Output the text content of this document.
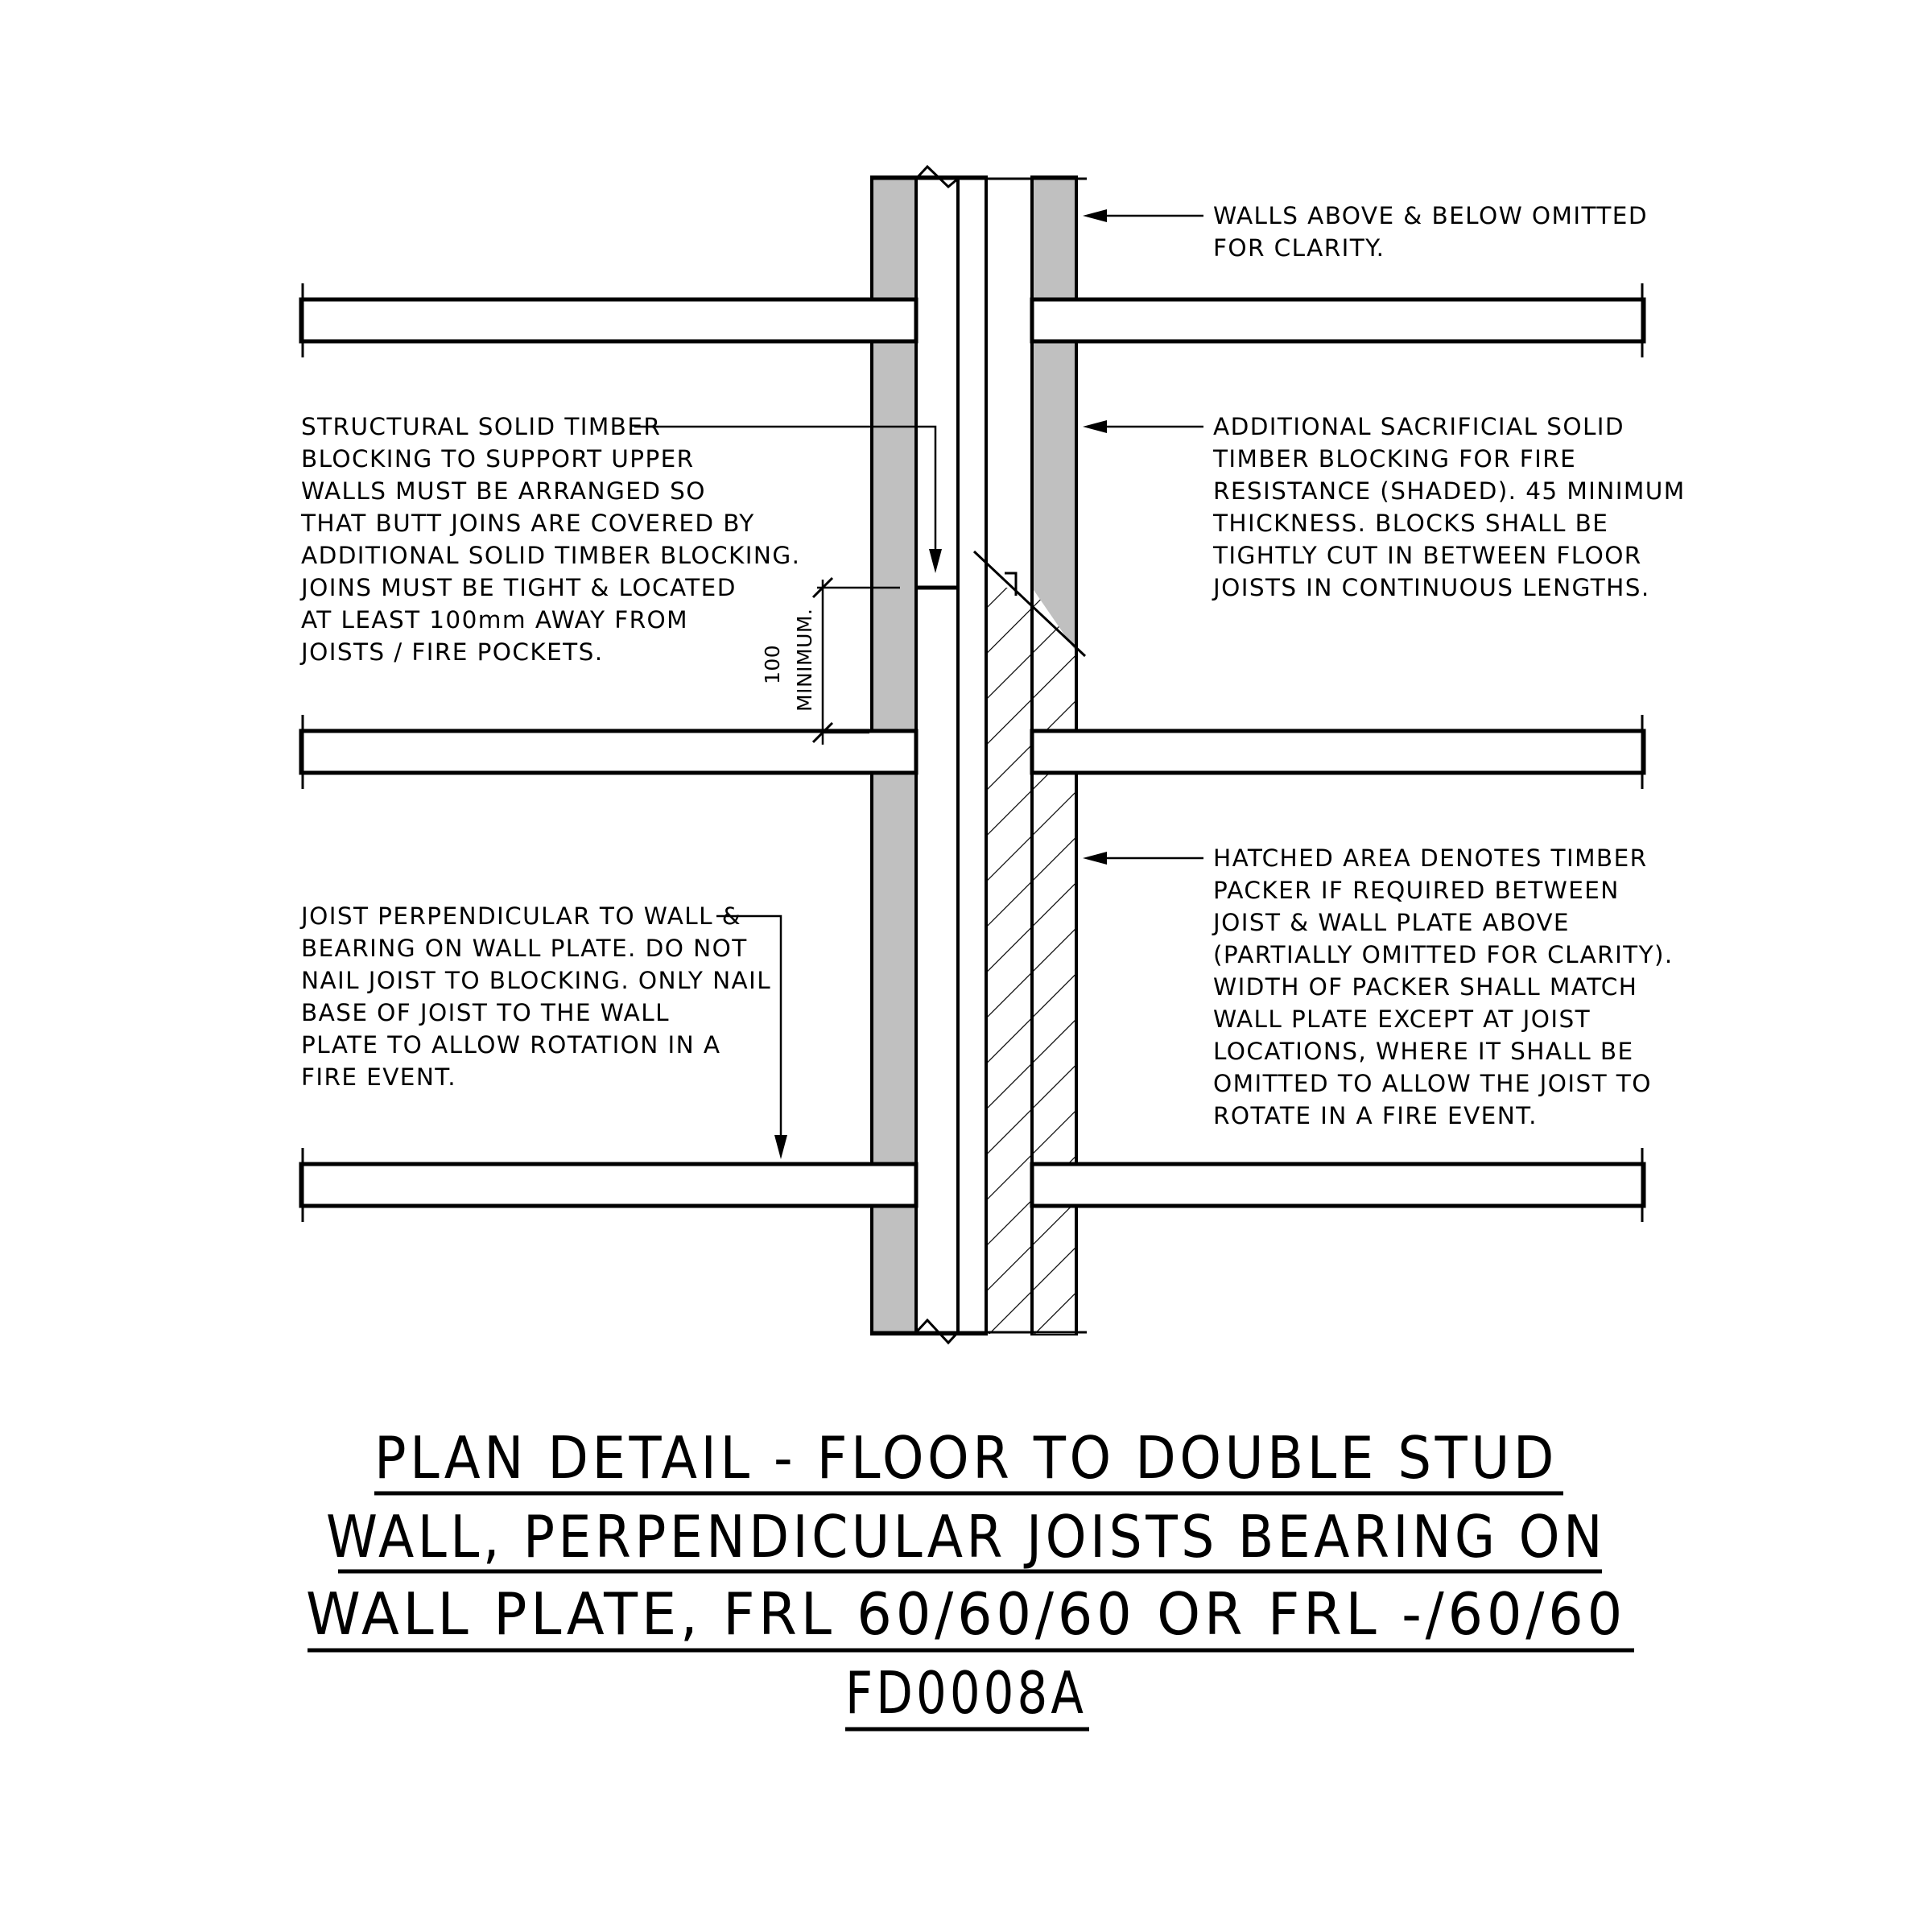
100 MINIMUM.
WALLS ABOVE & BELOW OMITTED
FOR CLARITY.
ADDITIONAL SACRIFICIAL SOLID
TIMBER BLOCKING FOR FIRE
RESISTANCE (SHADED). 45 MINIMUM
THICKNESS. BLOCKS SHALL BE
TIGHTLY CUT IN BETWEEN FLOOR
JOISTS IN CONTINUOUS LENGTHS.
STRUCTURAL SOLID TIMBER
BLOCKING TO SUPPORT UPPER
WALLS MUST BE ARRANGED SO
THAT BUTT JOINS ARE COVERED BY
ADDITIONAL SOLID TIMBER BLOCKING.
JOINS MUST BE TIGHT & LOCATED
AT LEAST 100mm AWAY FROM
JOISTS / FIRE POCKETS.
HATCHED AREA DENOTES TIMBER
PACKER IF REQUIRED BETWEEN
JOIST & WALL PLATE ABOVE
(PARTIALLY OMITTED FOR CLARITY).
WIDTH OF PACKER SHALL MATCH
WALL PLATE EXCEPT AT JOIST
LOCATIONS, WHERE IT SHALL BE
OMITTED TO ALLOW THE JOIST TO
ROTATE IN A FIRE EVENT.
JOIST PERPENDICULAR TO WALL &
BEARING ON WALL PLATE. DO NOT
NAIL JOIST TO BLOCKING. ONLY NAIL
BASE OF JOIST TO THE WALL
PLATE TO ALLOW ROTATION IN A
FIRE EVENT.
PLAN DETAIL - FLOOR TO DOUBLE STUD
WALL, PERPENDICULAR JOISTS BEARING ON
WALL PLATE, FRL 60/60/60 OR FRL -/60/60
FD0008A
